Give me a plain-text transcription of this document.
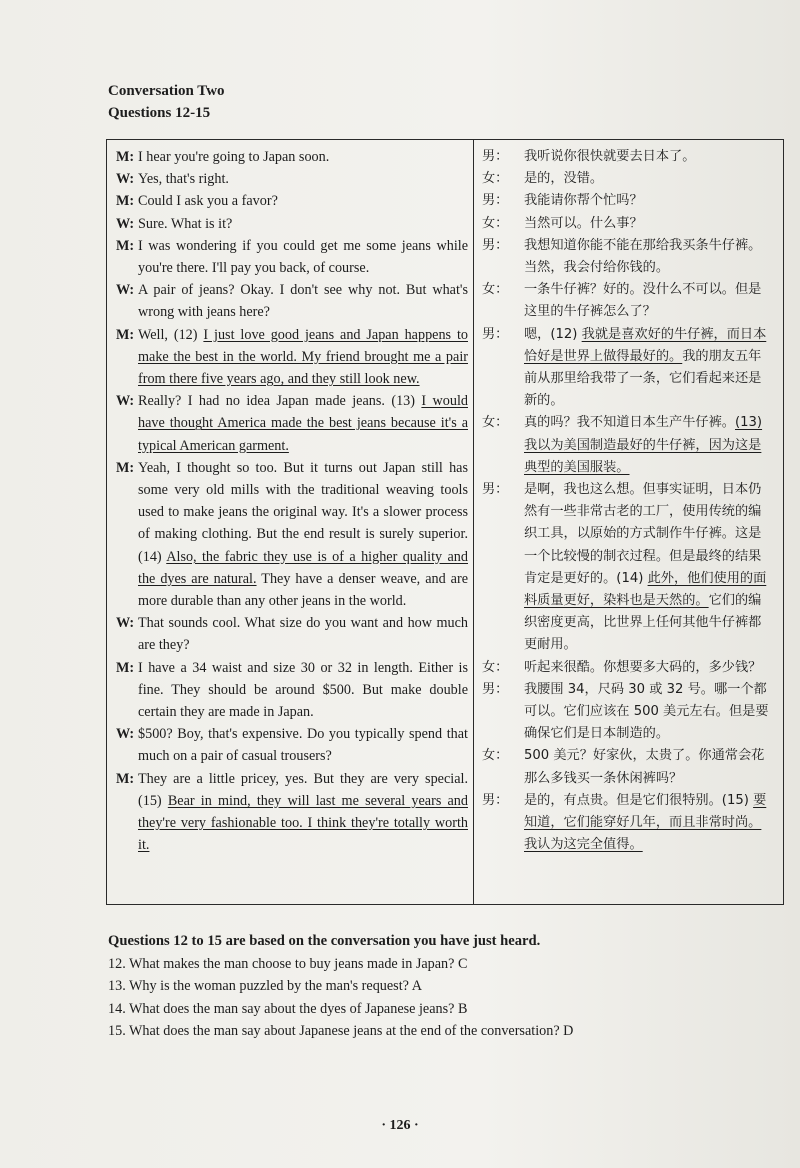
Conversation Two
Questions 12-15
M: I hear you're going to Japan soon.
W: Yes, that's right.
M: Could I ask you a favor?
W: Sure. What is it?
M: I was wondering if you could get me some jeans while you're there. I'll pay you back, of course.
W: A pair of jeans? Okay. I don't see why not. But what's wrong with jeans here?
M: Well, (12) I just love good jeans and Japan happens to make the best in the world. My friend brought me a pair from there five years ago, and they still look new.
W: Really? I had no idea Japan made jeans. (13) I would have thought America made the best jeans because it's a typical American garment.
M: Yeah, I thought so too. But it turns out Japan still has some very old mills with the traditional weaving tools used to make jeans the original way. It's a slower process of making clothing. But the end result is surely superior. (14) Also, the fabric they use is of a higher quality and the dyes are natural. They have a denser weave, and are more durable than any other jeans in the world.
W: That sounds cool. What size do you want and how much are they?
M: I have a 34 waist and size 30 or 32 in length. Either is fine. They should be around $500. But make double certain they are made in Japan.
W: $500? Boy, that's expensive. Do you typically spend that much on a pair of casual trousers?
M: They are a little pricey, yes. But they are very special. (15) Bear in mind, they will last me several years and they're very fashionable too. I think they're totally worth it.
男：	我听说你很快就要去日本了。
女：	是的，没错。
男：	我能请你帮个忙吗？
女：	当然可以。什么事？
男：	我想知道你能不能在那给我买条牛仔裤。当然，我会付给你钱的。
女：	一条牛仔裤？好的。没什么不可以。但是这里的牛仔裤怎么了？
男：	嗯，(12) 我就是喜欢好的牛仔裤，而日本恰好是世界上做得最好的。我的朋友五年前从那里给我带了一条，它们看起来还是新的。
女：	真的吗？我不知道日本生产牛仔裤。(13) 我以为美国制造最好的牛仔裤，因为这是典型的美国服装。
男：	是啊，我也这么想。但事实证明，日本仍然有一些非常古老的工厂，使用传统的编织工具，以原始的方式制作牛仔裤。这是一个比较慢的制衣过程。但是最终的结果肯定是更好的。(14) 此外，他们使用的面料质量更好，染料也是天然的。它们的编织密度更高，比世界上任何其他牛仔裤都更耐用。
女：	听起来很酷。你想要多大码的，多少钱？
男：	我腰围 34，尺码 30 或 32 号。哪一个都可以。它们应该在 500 美元左右。但是要确保它们是日本制造的。
女：	500 美元？好家伙，太贵了。你通常会花那么多钱买一条休闲裤吗？
男：	是的，有点贵。但是它们很特别。(15) 要知道，它们能穿好几年，而且非常时尚。我认为这完全值得。
Questions 12 to 15 are based on the conversation you have just heard.
12. What makes the man choose to buy jeans made in Japan? C
13. Why is the woman puzzled by the man's request? A
14. What does the man say about the dyes of Japanese jeans? B
15. What does the man say about Japanese jeans at the end of the conversation? D
· 126 ·
